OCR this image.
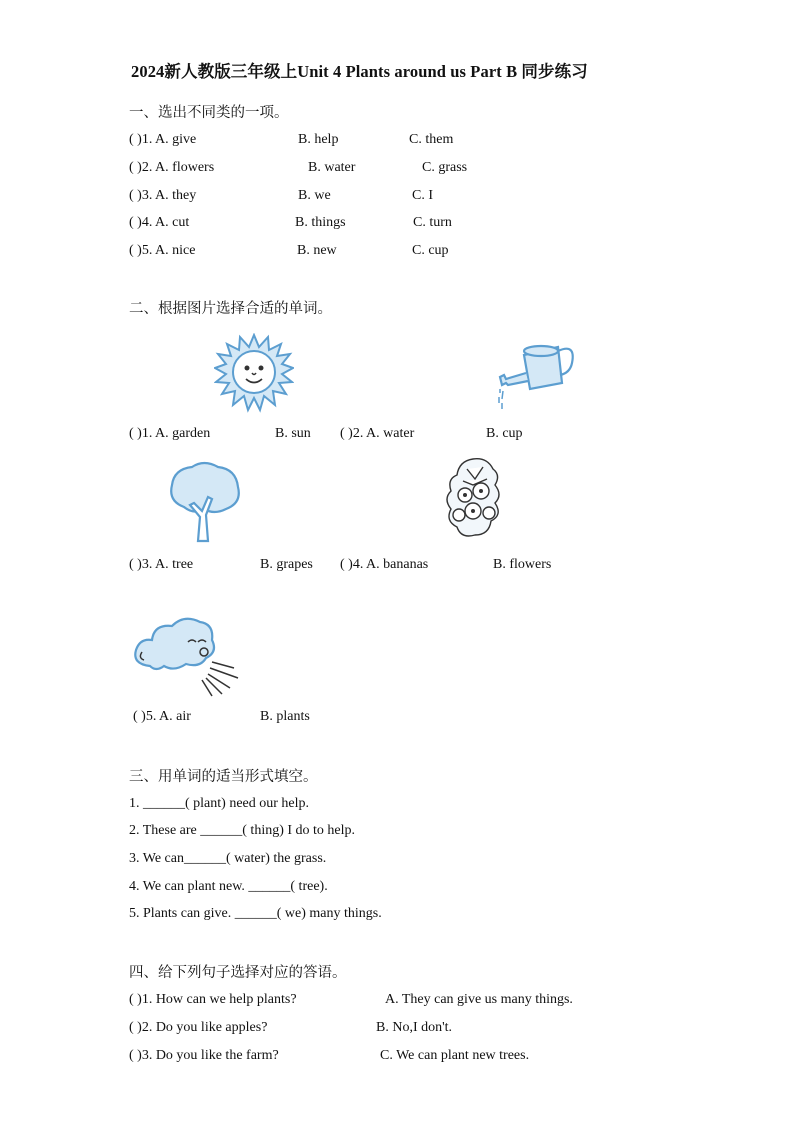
2024新人教版三年级上Unit 4 Plants around us Part B 同步练习
一、选出不同类的一项。
( )1. A. give	B. help	C. them
( )2. A. flowers	B. water	C. grass
( )3. A. they	B. we	C. I
( )4. A. cut	B. things	C. turn
( )5. A. nice	B. new	C. cup
二、根据图片选择合适的单词。
( )1. A. garden	B. sun ( )2. A. water	B. cup
( )3. A. tree	B. grapes ( )4. A. bananas	B. flowers
( )5. A. air	B. plants
三、用单词的适当形式填空。
1. ______( plant) need our help.
2. These are ______( thing) I do to help.
3. We can______( water) the grass.
4. We can plant new. ______( tree).
5. Plants can give. ______( we) many things.
四、给下列句子选择对应的答语。
( )1. How can we help plants?	A. They can give us many things.
( )2. Do you like apples?	B. No,I don't.
( )3. Do you like the farm?	C. We can plant new trees.
